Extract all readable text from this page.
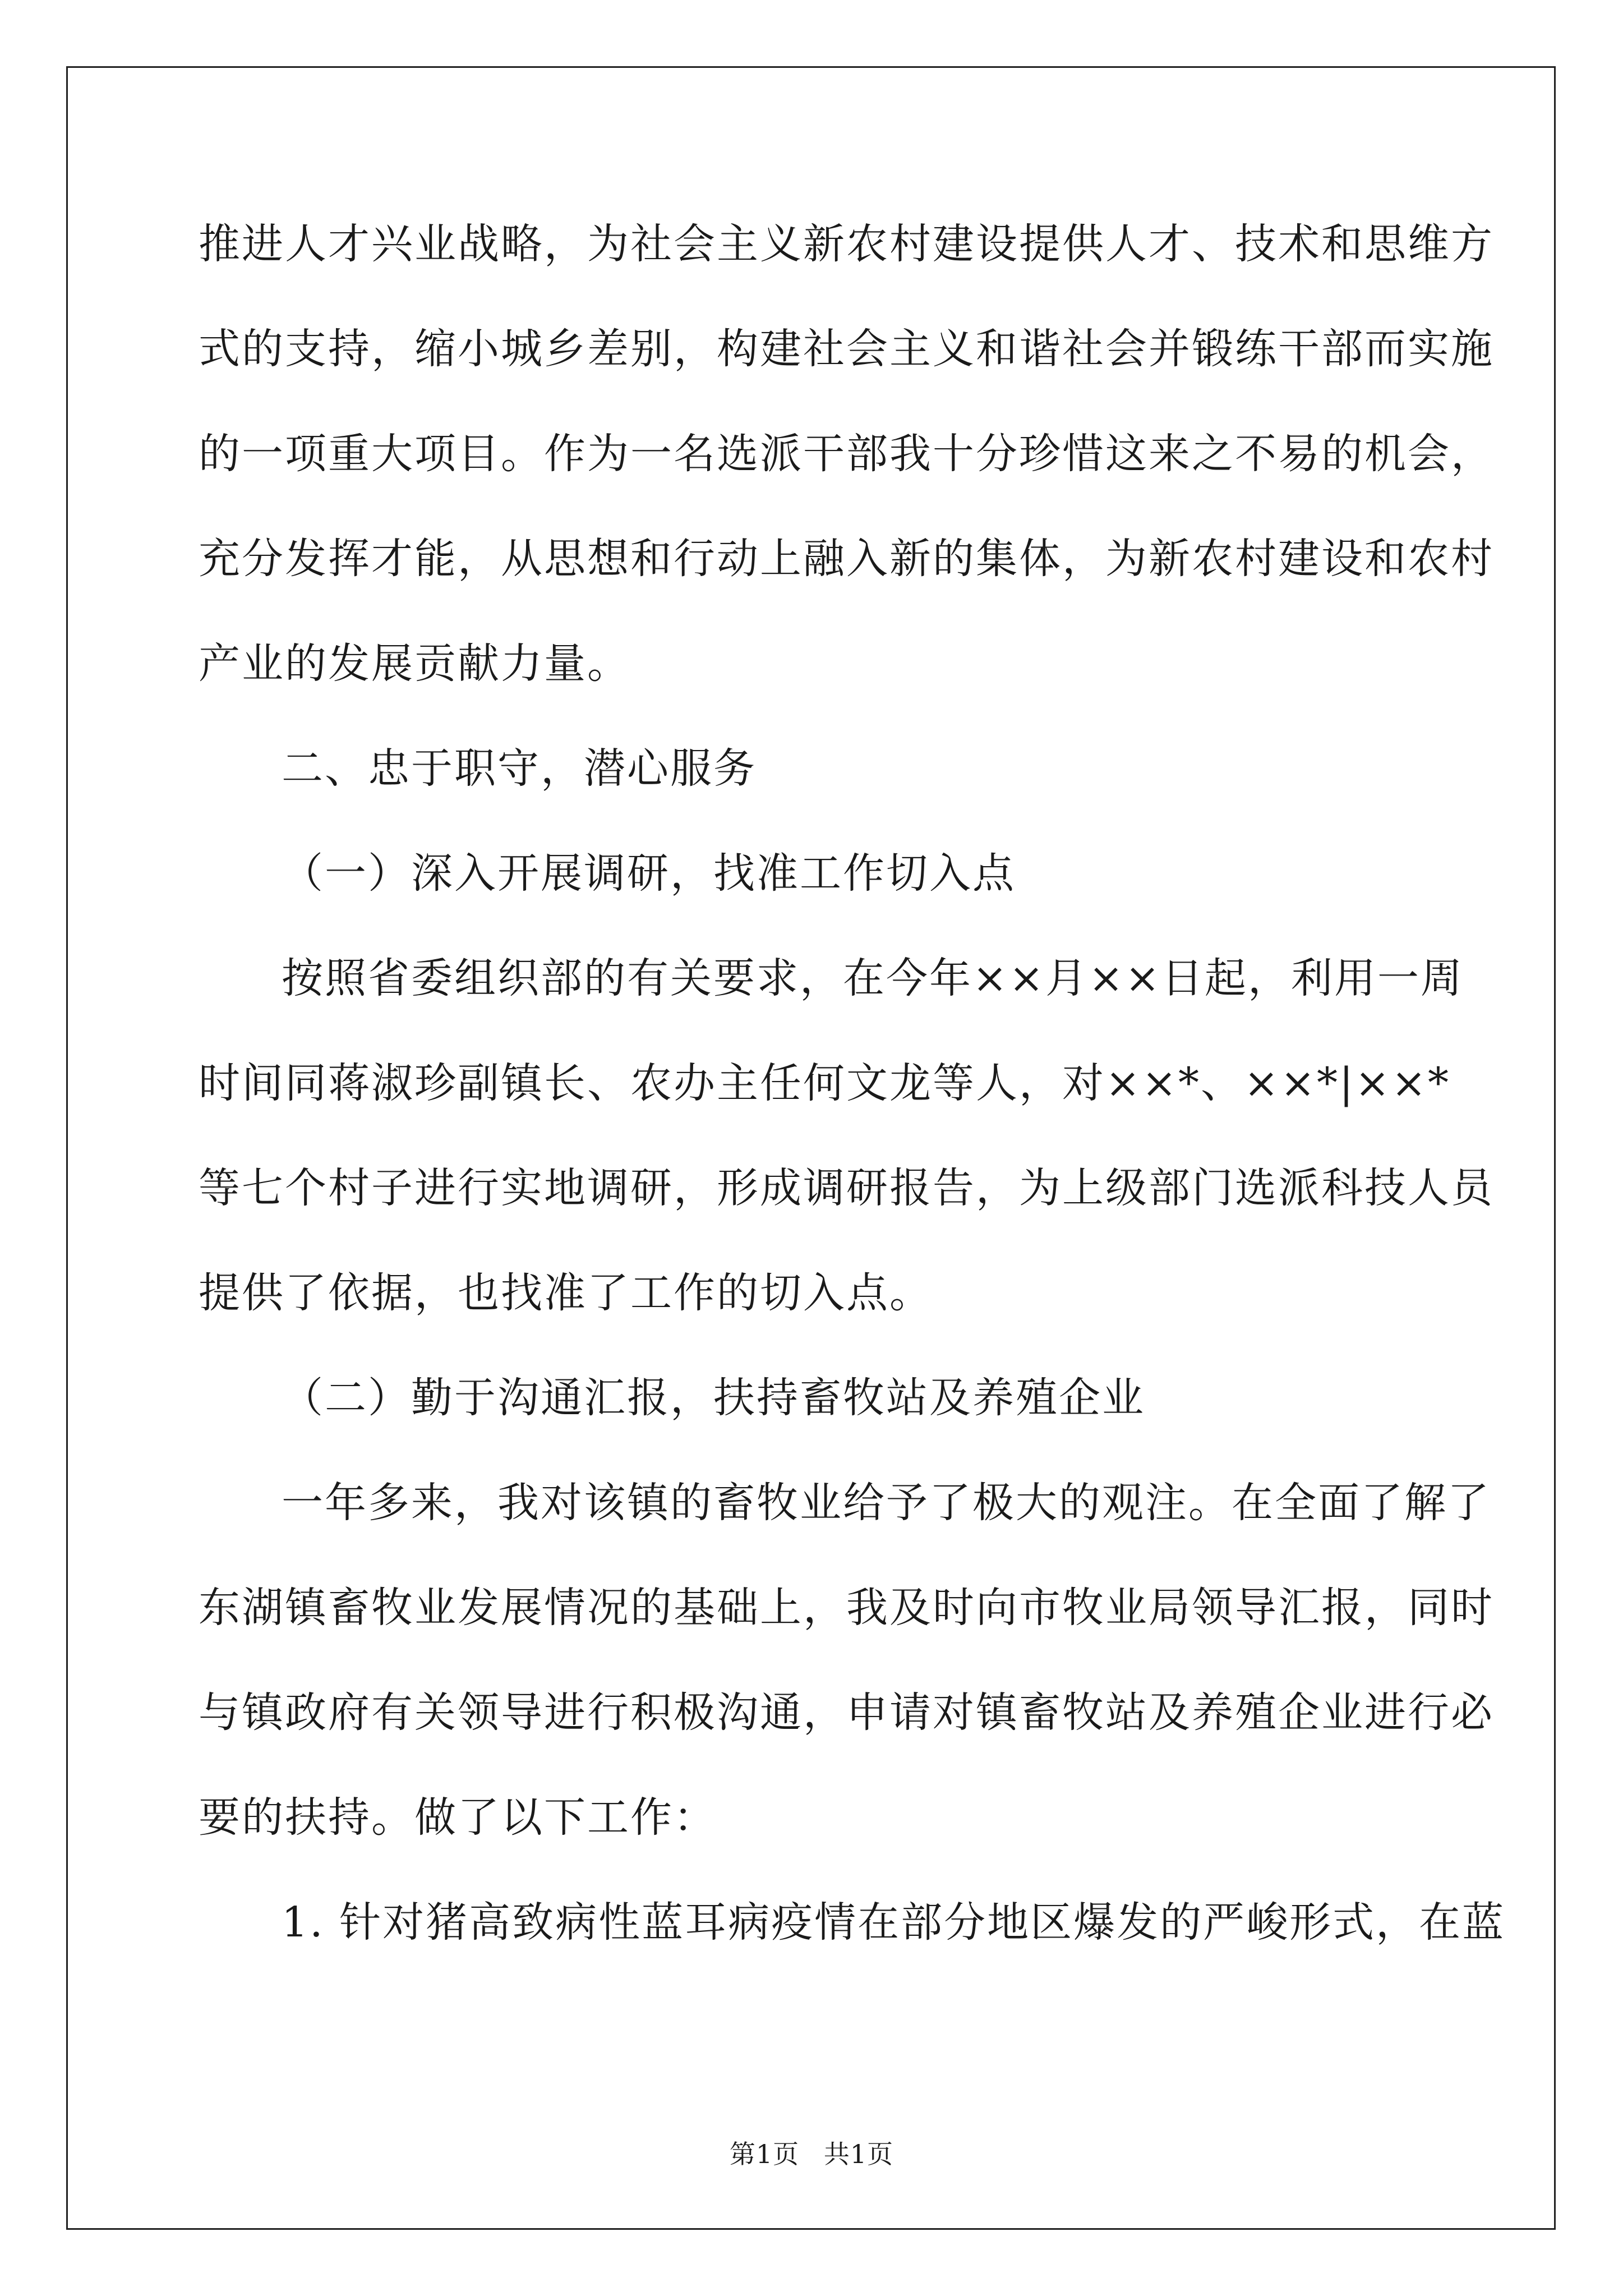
推进人才兴业战略，为社会主义新农村建设提供人才、技术和思维方
式的支持，缩小城乡差别，构建社会主义和谐社会并锻练干部而实施
的一项重大项目。作为一名选派干部我十分珍惜这来之不易的机会，
充分发挥才能，从思想和行动上融入新的集体，为新农村建设和农村
产业的发展贡献力量。
二、忠于职守，潜心服务
（一）深入开展调研，找准工作切入点
按照省委组织部的有关要求，在今年××月××日起，利用一周
时间同蒋淑珍副镇长、农办主任何文龙等人，对××*、××*|××*
等七个村子进行实地调研，形成调研报告，为上级部门选派科技人员
提供了依据，也找准了工作的切入点。
（二）勤于沟通汇报，扶持畜牧站及养殖企业
一年多来，我对该镇的畜牧业给予了极大的观注。在全面了解了
东湖镇畜牧业发展情况的基础上，我及时向市牧业局领导汇报，同时
与镇政府有关领导进行积极沟通，申请对镇畜牧站及养殖企业进行必
要的扶持。做了以下工作：
1. 针对猪高致病性蓝耳病疫情在部分地区爆发的严峻形式，在蓝
第1页 共1页
